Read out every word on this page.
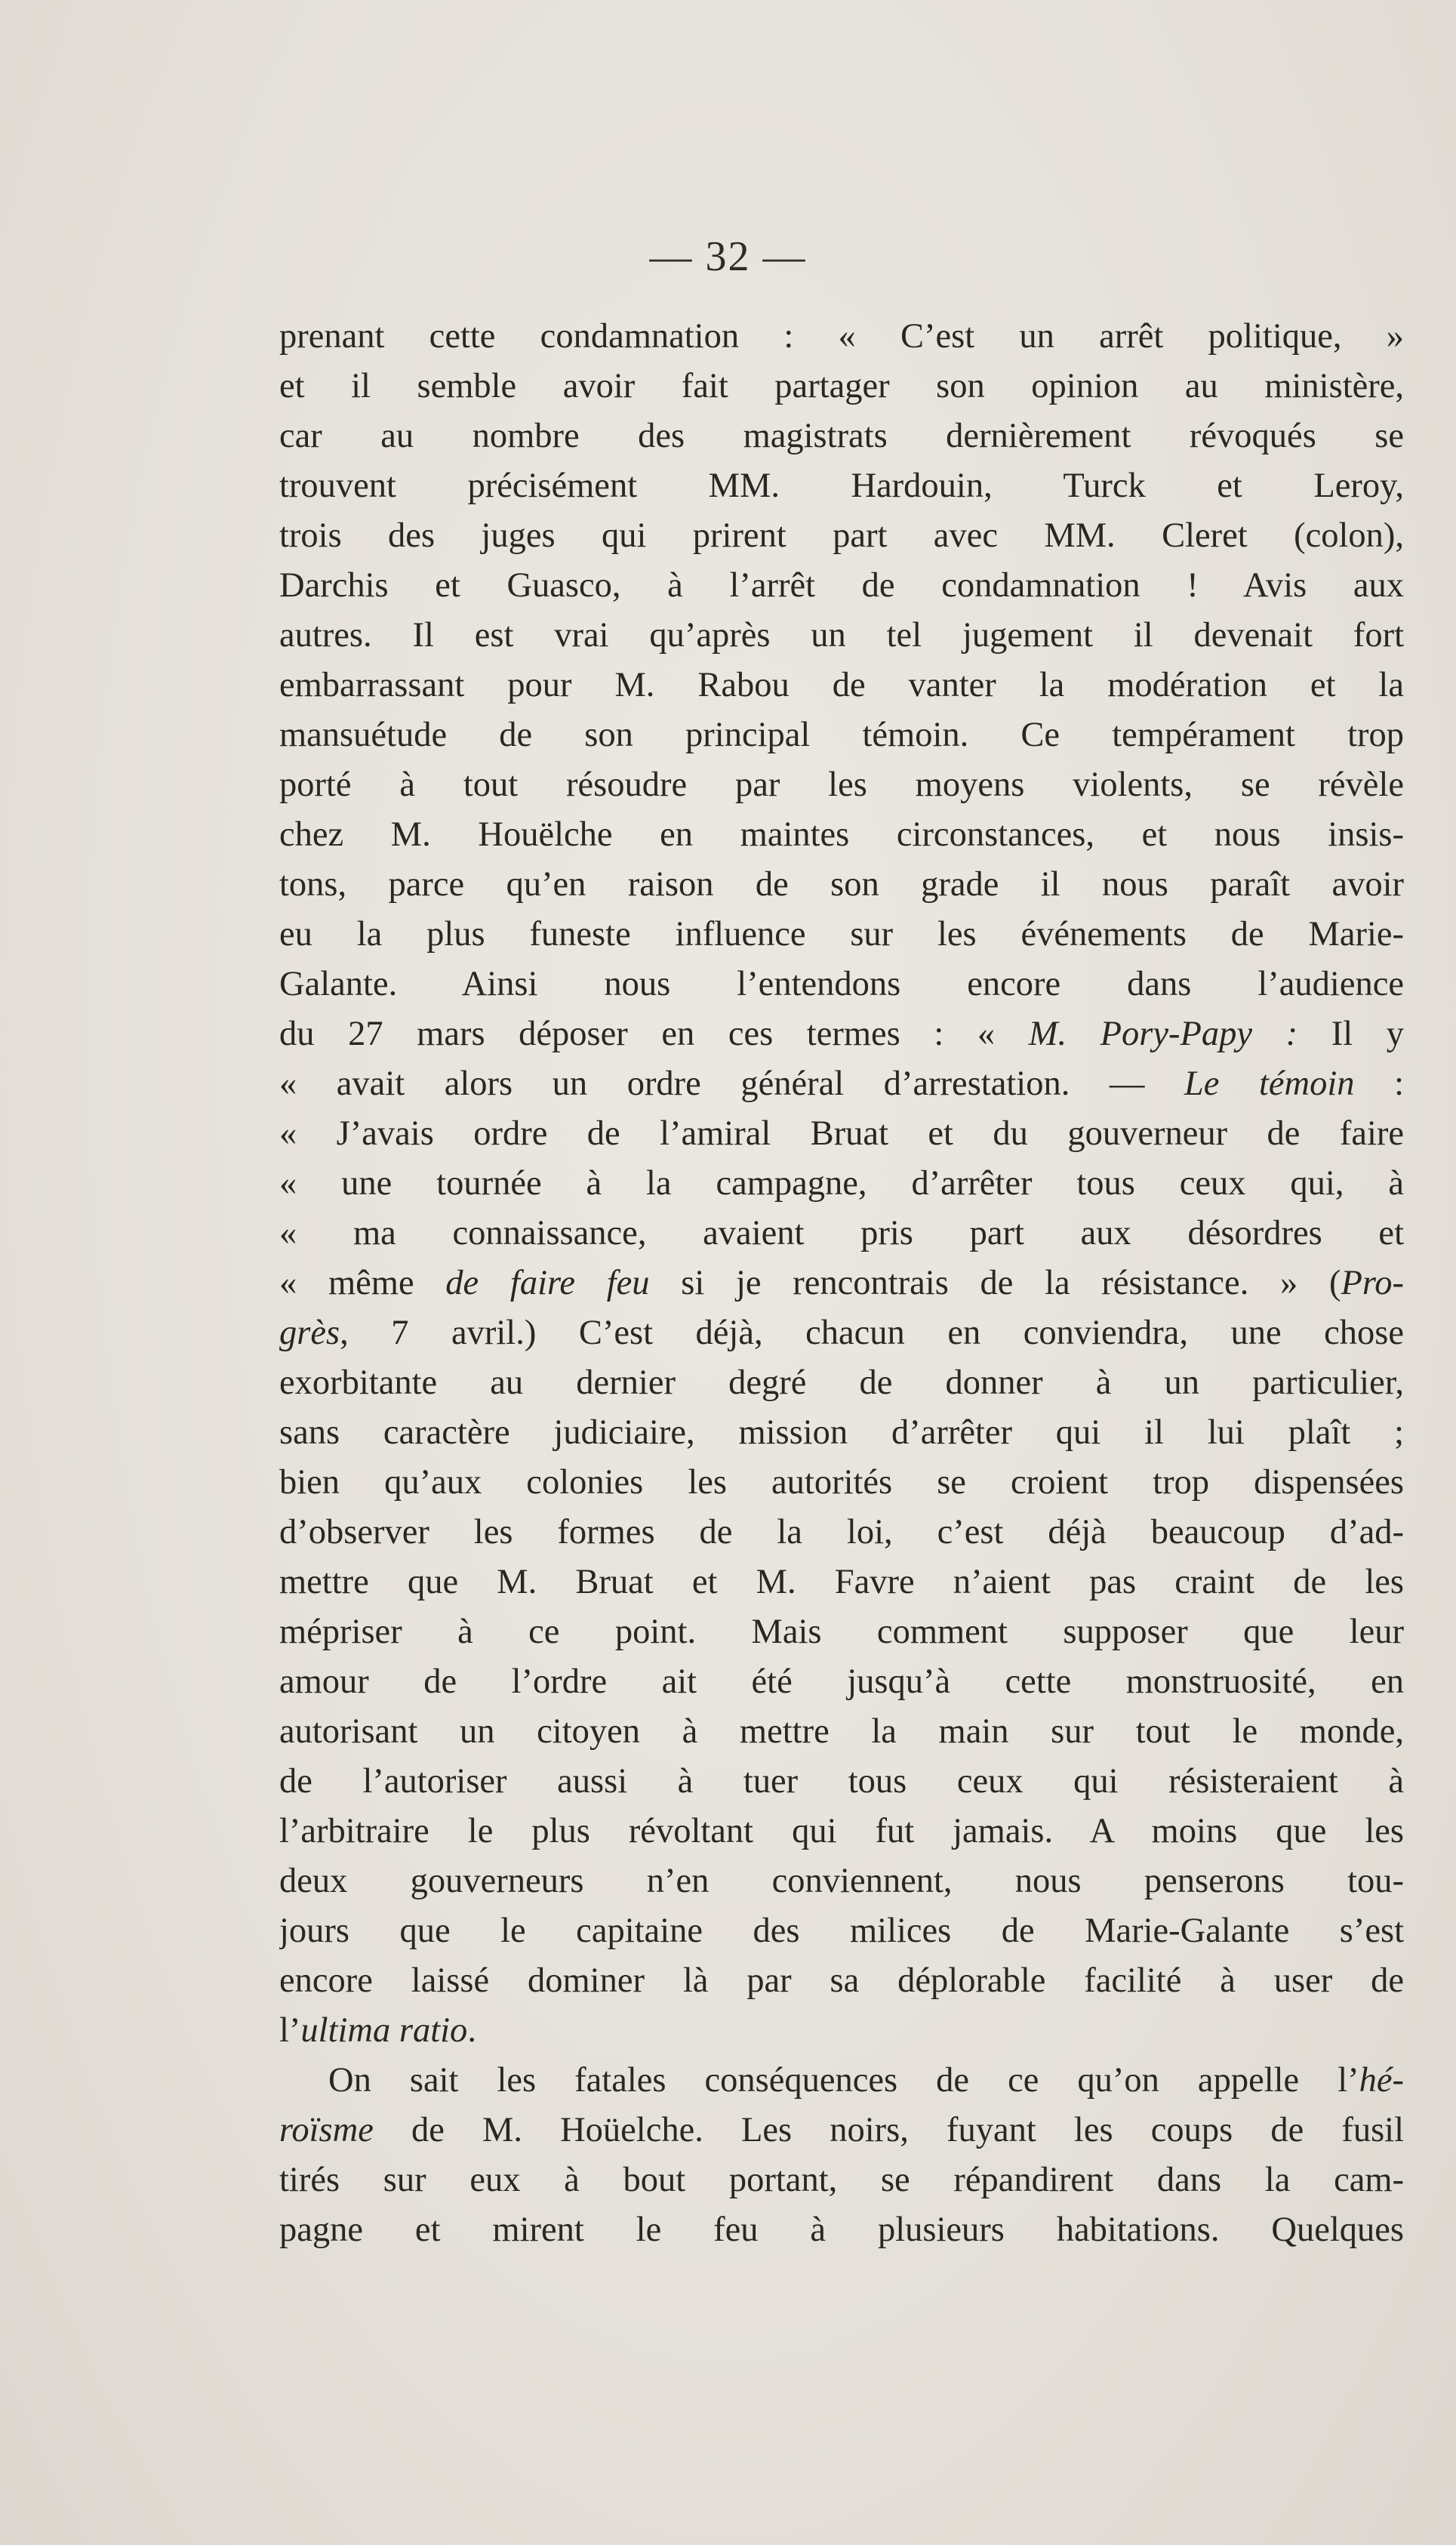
— 32 —
prenant cette condamnation : « C’est un arrêt politique, »
et il semble avoir fait partager son opinion au ministère,
car au nombre des magistrats dernièrement révoqués se
trouvent précisément MM. Hardouin, Turck et Leroy,
trois des juges qui prirent part avec MM. Cleret (colon),
Darchis et Guasco, à l’arrêt de condamnation ! Avis aux
autres. Il est vrai qu’après un tel jugement il devenait fort
embarrassant pour M. Rabou de vanter la modération et la
mansuétude de son principal témoin. Ce tempérament trop
porté à tout résoudre par les moyens violents, se révèle
chez M. Houëlche en maintes circonstances, et nous insis-
tons, parce qu’en raison de son grade il nous paraît avoir
eu la plus funeste influence sur les événements de Marie-
Galante. Ainsi nous l’entendons encore dans l’audience
du 27 mars déposer en ces termes : « M. Pory-Papy : Il y
« avait alors un ordre général d’arrestation. — Le témoin :
« J’avais ordre de l’amiral Bruat et du gouverneur de faire
« une tournée à la campagne, d’arrêter tous ceux qui, à
« ma connaissance, avaient pris part aux désordres et
« même de faire feu si je rencontrais de la résistance. » (Pro-
grès, 7 avril.) C’est déjà, chacun en conviendra, une chose
exorbitante au dernier degré de donner à un particulier,
sans caractère judiciaire, mission d’arrêter qui il lui plaît ;
bien qu’aux colonies les autorités se croient trop dispensées
d’observer les formes de la loi, c’est déjà beaucoup d’ad-
mettre que M. Bruat et M. Favre n’aient pas craint de les
mépriser à ce point. Mais comment supposer que leur
amour de l’ordre ait été jusqu’à cette monstruosité, en
autorisant un citoyen à mettre la main sur tout le monde,
de l’autoriser aussi à tuer tous ceux qui résisteraient à
l’arbitraire le plus révoltant qui fut jamais. A moins que les
deux gouverneurs n’en conviennent, nous penserons tou-
jours que le capitaine des milices de Marie-Galante s’est
encore laissé dominer là par sa déplorable facilité à user de
l’ultima ratio.
On sait les fatales conséquences de ce qu’on appelle l’hé-
roïsme de M. Hoüelche. Les noirs, fuyant les coups de fusil
tirés sur eux à bout portant, se répandirent dans la cam-
pagne et mirent le feu à plusieurs habitations. Quelques
